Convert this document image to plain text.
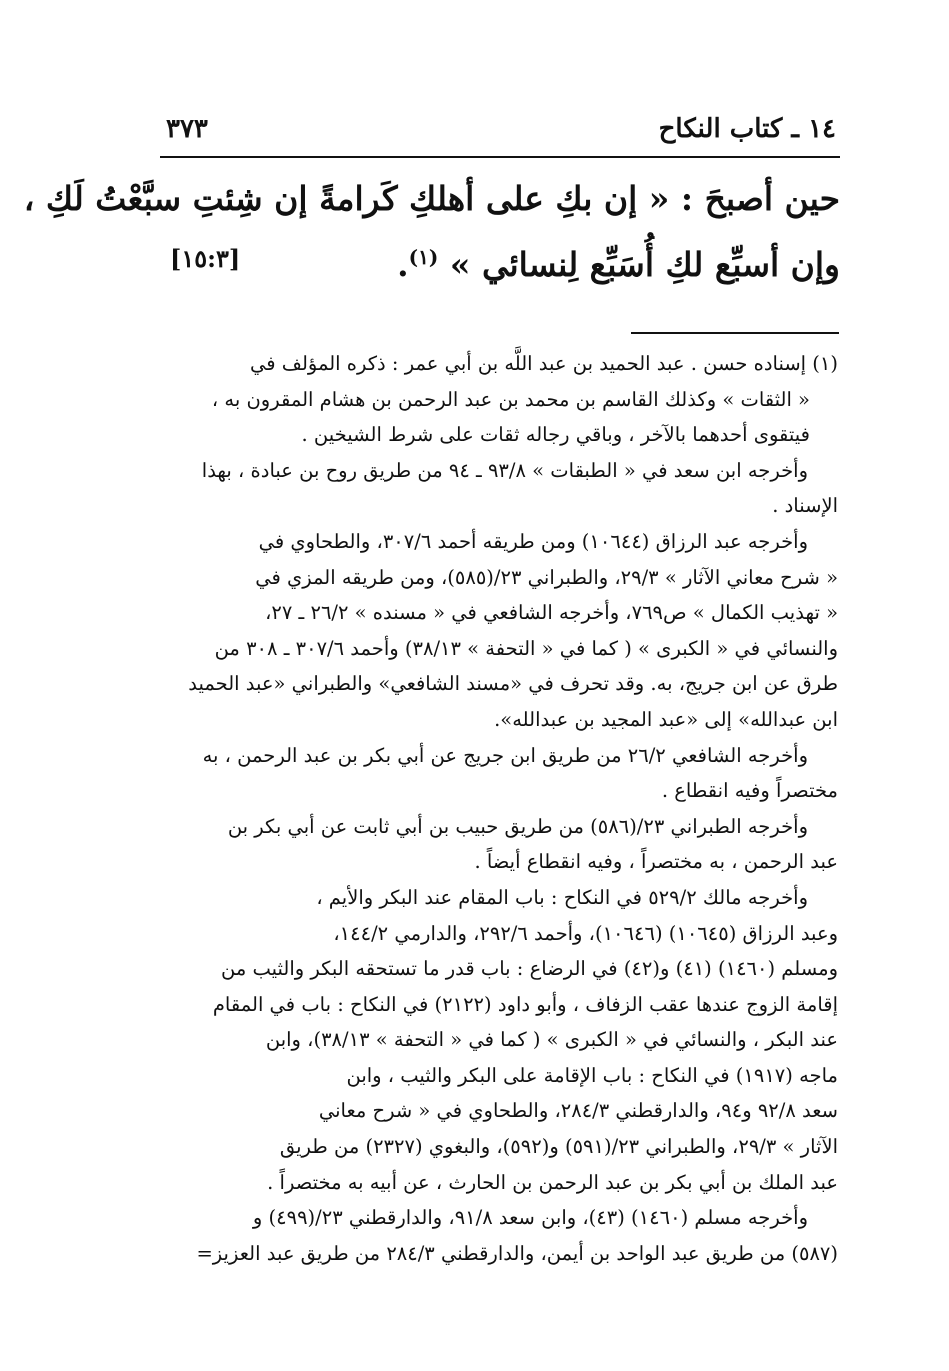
١٤ ـ كتاب النكاح
٣٧٣
حين أصبحَ : « إن بكِ على أهلكِ كَرامةً إن شِئتِ سبَّعْتُ لَكِ ،
وإن أسبِّع لكِ أُسَبِّع لِنسائي » $^{(١)}$.
[١٥:٣]
(١) إسناده حسن . عبد الحميد بن عبد اللَّه بن أبي عمر : ذكره المؤلف في
« الثقات » وكذلك القاسم بن محمد بن عبد الرحمن بن هشام المقرون به ،
فيتقوى أحدهما بالآخر ، وباقي رجاله ثقات على شرط الشيخين .
وأخرجه ابن سعد في « الطبقات » ٩٣/٨ ـ ٩٤ من طريق روح بن عبادة ، بهذا
الإسناد .
وأخرجه عبد الرزاق (١٠٦٤٤) ومن طريقه أحمد ٣٠٧/٦، والطحاوي في
« شرح معاني الآثار » ٢٩/٣، والطبراني ٢٣/(٥٨٥)، ومن طريقه المزي في
« تهذيب الكمال » ص٧٦٩، وأخرجه الشافعي في « مسنده » ٢٦/٢ ـ ٢٧،
والنسائي في « الكبرى » ( كما في « التحفة » ٣٨/١٣) وأحمد ٣٠٧/٦ ـ ٣٠٨ من
طرق عن ابن جريج، به. وقد تحرف في «مسند الشافعي» والطبراني «عبد الحميد
ابن عبدالله» إلى «عبد المجيد بن عبدالله».
وأخرجه الشافعي ٢٦/٢ من طريق ابن جريج عن أبي بكر بن عبد الرحمن ، به
مختصراً وفيه انقطاع .
وأخرجه الطبراني ٢٣/(٥٨٦) من طريق حبيب بن أبي ثابت عن أبي بكر بن
عبد الرحمن ، به مختصراً ، وفيه انقطاع أيضاً .
وأخرجه مالك ٥٢٩/٢ في النكاح : باب المقام عند البكر والأيم ،
وعبد الرزاق (١٠٦٤٥) (١٠٦٤٦)، وأحمد ٢٩٢/٦، والدارمي ١٤٤/٢،
ومسلم (١٤٦٠) (٤١) و(٤٢) في الرضاع : باب قدر ما تستحقه البكر والثيب من
إقامة الزوج عندها عقب الزفاف ، وأبو داود (٢١٢٢) في النكاح : باب في المقام
عند البكر ، والنسائي في « الكبرى » ( كما في « التحفة » ٣٨/١٣)، وابن
ماجه (١٩١٧) في النكاح : باب الإقامة على البكر والثيب ، وابن
سعد ٩٢/٨ و٩٤، والدارقطني ٢٨٤/٣، والطحاوي في « شرح معاني
الآثار » ٢٩/٣، والطبراني ٢٣/(٥٩١) و(٥٩٢)، والبغوي (٢٣٢٧) من طريق
عبد الملك بن أبي بكر بن عبد الرحمن بن الحارث ، عن أبيه به مختصراً .
وأخرجه مسلم (١٤٦٠) (٤٣)، وابن سعد ٩١/٨، والدارقطني ٢٣/(٤٩٩) و
(٥٨٧) من طريق عبد الواحد بن أيمن، والدارقطني ٢٨٤/٣ من طريق عبد العزيز=
